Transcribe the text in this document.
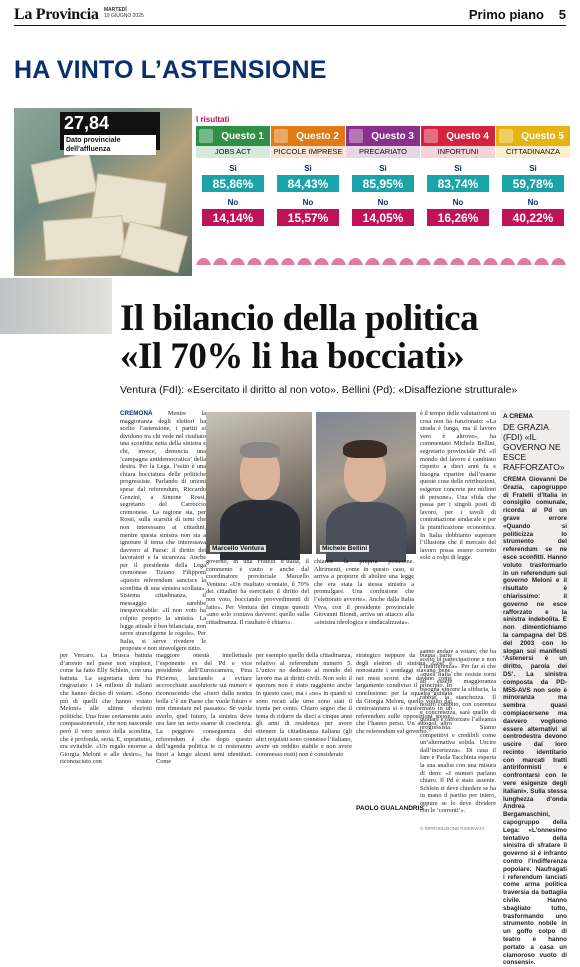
La Provincia MARTEDÌ
10 GIUGNO 2025	Primo piano 5
HA VINTO L’ASTENSIONE
27,84
Dato provinciale dell’affluenza
I risultati
Questo 1
JOBS ACT
Sì
85,86%
No
14,14%
Questo 2
PICCOLE IMPRESE
Sì
84,43%
No
15,57%
Questo 3
PRECARIATO
Sì
85,95%
No
14,05%
Questo 4
INFORTUNI
Sì
83,74%
No
16,26%
Questo 5
CITTADINANZA
Sì
59,78%
No
40,22%
Il bilancio della politica
«Il 70% li ha bocciati»
Ventura (FdI): «Esercitato il diritto al non voto». Bellini (Pd): «Disaffezione strutturale»
CREMONA Mentre la maggioranza degli elettori ha scelto l’astensione, i partiti si dividono tra chi vede nel risultato una sconfitta netta della sinistra e chi, invece, denuncia una ‘campagna antidemocratica’ della destra. Per la Lega, l’esito è una chiara bocciatura delle politiche progressiste. Parlando di unioni spese dal referendum, Riccardo Genzini, a Simone Rossi, segretario del Carroccio cremonese. La ragione sta, per Rossi, sulla scarsità di temi che non interessano ai cittadini, mentre questa sinistra non sta a ignorare il tema che interessava davvero al Paese: il diritto dei lavoratori e la sicurezza. Anche per il presidente della Lega cremonese Tiziano Filipponi «questo referendum sancisce la sconfitta di una sinistra scollata». Sistema cittadinanza, il messaggio sarebbe inequivocabile: «Il non voto ha colpito proprio la sinistra. La legge attuale è ben bilanciata, non serve stravolgerne le regole». Per Italia, si serve rivedere le proposte e non stravolgere tutto.
Marcello Ventura	Michele Bellini
governo, in una Fratelli d’Italia, il commento è cauto e anche dal coordinatore provinciale Marcello Ventura: «Un risultato scontato, il 70% dei cittadini ha esercitato il diritto del non voto, bocciando provvedimenti di fatto». Per Ventura dei cinque quesiti «uno solo contava davvero: quello sulla cittadinanza. Il risultato è chiaro».
chiarire la propria posizione. Altrimenti, come in questo caso, si arriva a proporre di abolire una legge che era stata la stessa sinistra a promulgare. Una confusione che l’elettorato avverte». Anche dalla Italia Viva, con il presidente provinciale Giovanni Biondi, arriva un attacco alla «sinistra ideologica e sindacalizzata».
è il tempo delle valutazioni su cosa non ha funzionato: «La strada è lunga, ma il lavoro vero è altrove», ha commentato Michele Bellini, segretario provinciale Pd. «Il mondo del lavoro è cambiato rispetto a dieci anni fa e bisogna ripartire dall’esame queste cose delle retribuzioni, esigenze concrete per milioni di persone». Una sfida che passa per i singoli posti di lavoro, per i tavoli di contrattazione sindacale e per la pianificazione economica. In Italia dobbiamo superare l’illusione che il mercato del lavoro possa essere corretto solo a colpi di legge.
A CREMA
DE GRAZIA (FDI) «IL GOVERNO NE ESCE RAFFORZATO»
CREMA Giovanni De Grazia, capogruppo di Fratelli d’Italia in consiglio comunale, ricorda al Pd un grave errore «Quando si politicizza lo strumento del referendum se ne esce sconfitti. Hanno voluto trasformarlo in un referendum sul governo Meloni e il risultato è chiarissimo: il governo ne esce rafforzato e la sinistra indebolita. E non dimentichiamo la campagna del DS del 2003 con lo slogan sui manifesti ‘Astenersi è un diritto, parola dei DS’. La sinistra composta da PD-M5S-AVS non solo è minoranza ma sembra quasi compiacersene ma davvero vogliono essere alternativi al centrodestra devono uscire dal loro recinto identitario con marcati tratti antiriformisti e confrontarsi con le vere esigenze degli italiani». Sulla stessa lunghezza d’onda Andrea Bergamaschini, capogruppo della Lega: «L’onnesimo tentativo della sinistra di sfratare il governo si è infranto contro l’indifferenza popolare. Naufragati i referendum lanciati come arma politica traversia da battaglia civile. Hanno sbagliato tutto, trasformando uno strumento nobile in un goffo colpo di teatro e hanno portato a casa un clamoroso vuoto di consensi».
per Vercaro. La brusca battuta d’arresto nel paese non stupisce, come ha fatto Elly Schlein, con una battuta. La segretaria dem ha ringraziato i 14 milioni di italiani che hanno deciso di votare. «Sono più di quelli che hanno votato Meloni» alle ultime elezioni politiche. Una frase certamente auto compassionevole, che non nasconde però il vero senso della sconfitta, che è profonda, seria. E, soprattutto, era evitabile. «Un regalo enorme a Giorgia Meloni e alle destre», ha riconosciuto con
maggiore onestà intellettuale l’esponente ex del Pd e vice presidente dell’Euroscamera, Pina Picierno, lanciando a evitare accrocchiate assolutorie sui numeri e riconoscendo che «fuori dalla nostra bolla c’è un Paese che vuole futuro e non rimestare nel passato». Se vuole averlo, quel futuro, la sinistra deve ora fare un serio esame di coscienza. La peggiore conseguenza del referendum è che dopo questo dell’agenda politica te ci resteranno fuori a lungo alcuni temi identitari. Come
per esempio quello della cittadinanza, relativo al referendum numero 5. L’unico no dedicato al mondo del lavoro ma ai diritti civili. Non solo il quorum non è stato raggiunto anche in questo caso, ma i «no» in quanti si sono recati alle urne sono stati il trenta per cento. Chiaro segno che il tema di ridurre da dieci a cinque anni gli anni di residenza per avere ottenere la cittadinanza italiana (gli altri requisiti sono connesse l’italiano, avere un reddito stabile e non avere commesso reati) non è considerato
strategico neppure da buona parte degli elettori di sinistra. Così è nonostante i sondaggi stavano bene, nei mesi scorsi che davano come largamente condiviso il principio. In conclusione: per la squadra guidata da Giorgia Meloni, quello voluto dal centrosinistra si è trasformato in un referendum sulle opposizioni stesse, che l’hanno perso. Un autogol, altro che referendum sul governo.
PAOLO GUALANDRIS
sanno andare a votare, che ha scelto la partecipazione e non l’indifferenza». Per far sì che «quell’Italia che resiste torni ad essere maggioranza bisogna vincere la sfiducia, la rabbia, la stanchezza. Il nostro compito, con coerenza e concretezza, sarà quello di guidare e rafforzare l’alleanza progressista. Siamo competitivi e credibili come un’alternativa solida. Uscire dall’incertezza». Di casa il fare è Paola Tacchinia esperta la sua analisi con una misura di dem: «I numeri parlano chiaro. Il Pd è stato assente. Schlein si deve chiedere se ha in mano il partito per intero, oppure se lo deve dividere con le ‘correnti’».
© RIPRODUZIONE RISERVATA
